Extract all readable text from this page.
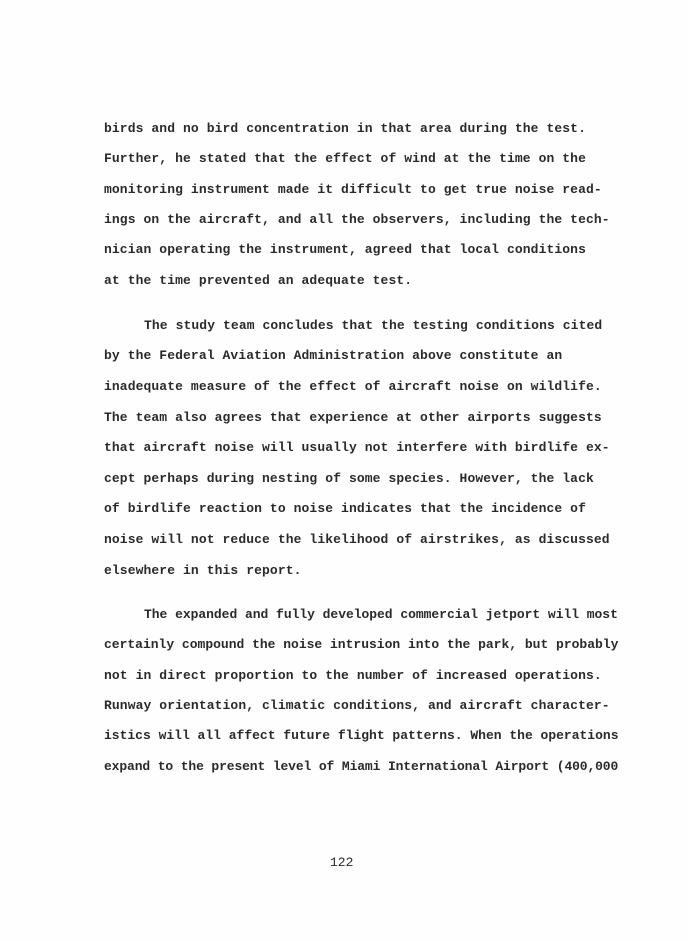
birds and no bird concentration in that area during the test.
Further, he stated that the effect of wind at the time on the
monitoring instrument made it difficult to get true noise read-
ings on the aircraft, and all the observers, including the tech-
nician operating the instrument, agreed that local conditions
at the time prevented an adequate test.
The study team concludes that the testing conditions cited
by the Federal Aviation Administration above constitute an
inadequate measure of the effect of aircraft noise on wildlife.
The team also agrees that experience at other airports suggests
that aircraft noise will usually not interfere with birdlife ex-
cept perhaps during nesting of some species. However, the lack
of birdlife reaction to noise indicates that the incidence of
noise will not reduce the likelihood of airstrikes, as discussed
elsewhere in this report.
The expanded and fully developed commercial jetport will most
certainly compound the noise intrusion into the park, but probably
not in direct proportion to the number of increased operations.
Runway orientation, climatic conditions, and aircraft character-
istics will all affect future flight patterns. When the operations
expand to the present level of Miami International Airport (400,000
122
